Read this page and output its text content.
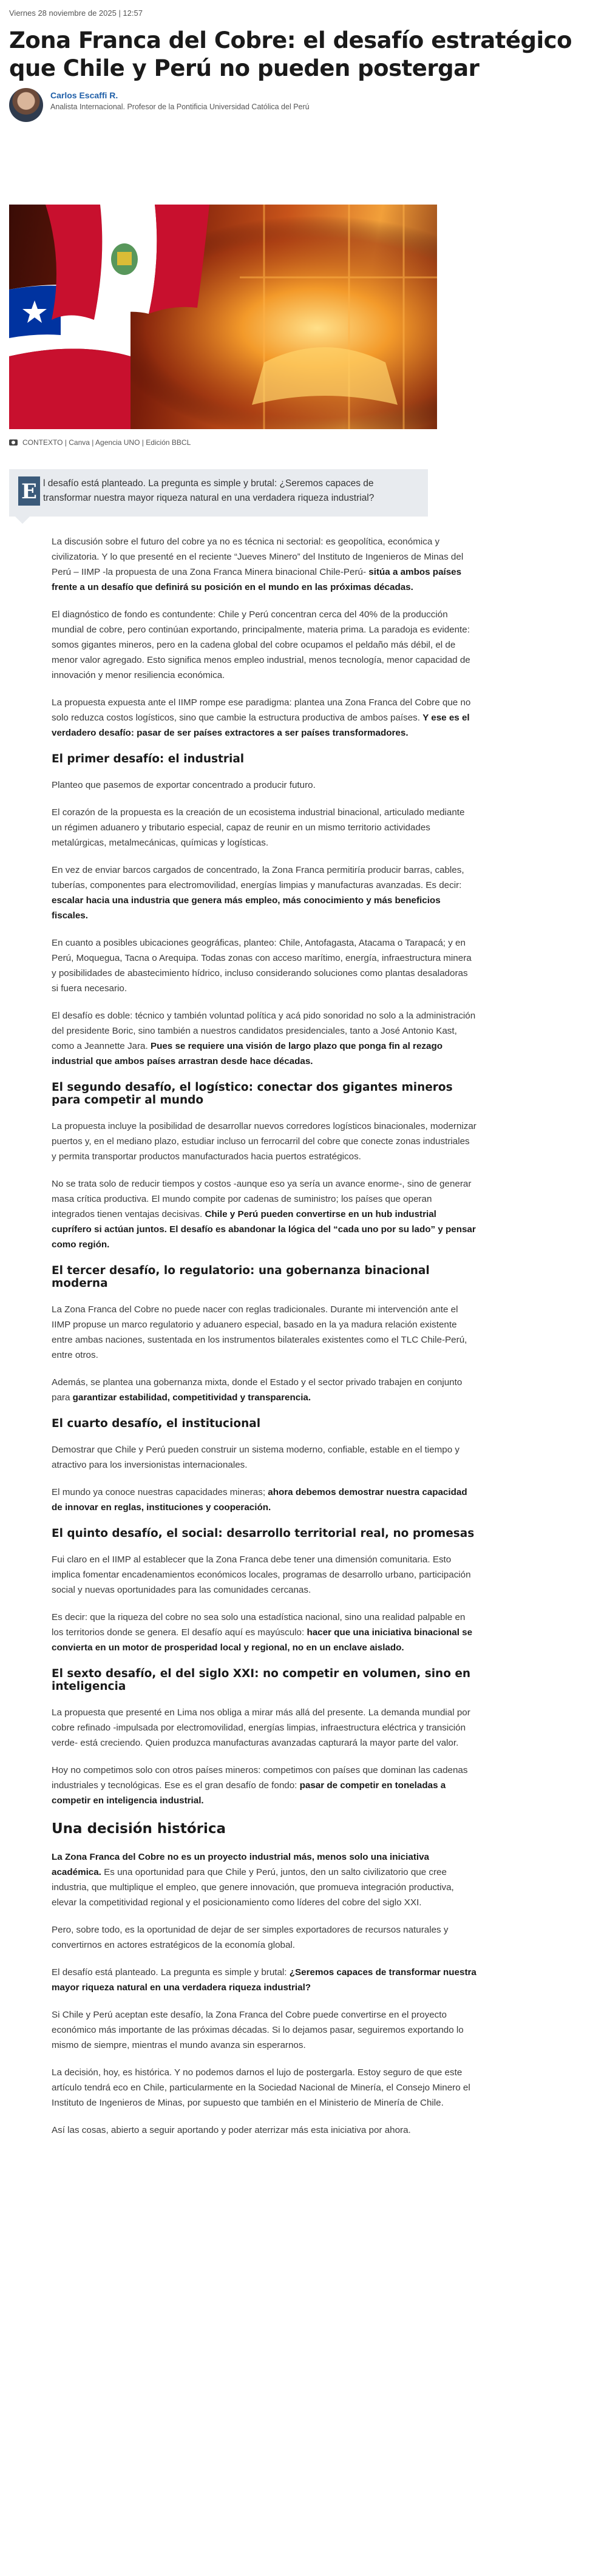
Viernes 28 noviembre de 2025 | 12:57
Zona Franca del Cobre: el desafío estratégico que Chile y Perú no pueden postergar
Carlos Escaffi R.
Analista Internacional. Profesor de la Pontificia Universidad Católica del Perú
CONTEXTO | Canva | Agencia UNO | Edición BBCL
E l desafío está planteado. La pregunta es simple y brutal: ¿Seremos capaces de transformar nuestra mayor riqueza natural en una verdadera riqueza industrial?

La discusión sobre el futuro del cobre ya no es técnica ni sectorial: es geopolítica, económica y civilizatoria. Y lo que presenté en el reciente “Jueves Minero” del Instituto de Ingenieros de Minas del Perú – IIMP -la propuesta de una Zona Franca Minera binacional Chile-Perú- sitúa a ambos países frente a un desafío que definirá su posición en el mundo en las próximas décadas.

El diagnóstico de fondo es contundente: Chile y Perú concentran cerca del 40% de la producción mundial de cobre, pero continúan exportando, principalmente, materia prima. La paradoja es evidente: somos gigantes mineros, pero en la cadena global del cobre ocupamos el peldaño más débil, el de menor valor agregado. Esto significa menos empleo industrial, menos tecnología, menor capacidad de innovación y menor resiliencia económica.

La propuesta expuesta ante el IIMP rompe ese paradigma: plantea una Zona Franca del Cobre que no solo reduzca costos logísticos, sino que cambie la estructura productiva de ambos países. Y ese es el verdadero desafío: pasar de ser países extractores a ser países transformadores.

El primer desafío: el industrial

Planteo que pasemos de exportar concentrado a producir futuro.

El corazón de la propuesta es la creación de un ecosistema industrial binacional, articulado mediante un régimen aduanero y tributario especial, capaz de reunir en un mismo territorio actividades metalúrgicas, metalmecánicas, químicas y logísticas.

En vez de enviar barcos cargados de concentrado, la Zona Franca permitiría producir barras, cables, tuberías, componentes para electromovilidad, energías limpias y manufacturas avanzadas. Es decir: escalar hacia una industria que genera más empleo, más conocimiento y más beneficios fiscales.

En cuanto a posibles ubicaciones geográficas, planteo: Chile, Antofagasta, Atacama o Tarapacá; y en Perú, Moquegua, Tacna o Arequipa. Todas zonas con acceso marítimo, energía, infraestructura minera y posibilidades de abastecimiento hídrico, incluso considerando soluciones como plantas desaladoras si fuera necesario.

El desafío es doble: técnico y también voluntad política y acá pido sonoridad no solo a la administración del presidente Boric, sino también a nuestros candidatos presidenciales, tanto a José Antonio Kast, como a Jeannette Jara. Pues se requiere una visión de largo plazo que ponga fin al rezago industrial que ambos países arrastran desde hace décadas.

El segundo desafío, el logístico: conectar dos gigantes mineros para competir al mundo

La propuesta incluye la posibilidad de desarrollar nuevos corredores logísticos binacionales, modernizar puertos y, en el mediano plazo, estudiar incluso un ferrocarril del cobre que conecte zonas industriales y permita transportar productos manufacturados hacia puertos estratégicos.

No se trata solo de reducir tiempos y costos -aunque eso ya sería un avance enorme-, sino de generar masa crítica productiva. El mundo compite por cadenas de suministro; los países que operan integrados tienen ventajas decisivas. Chile y Perú pueden convertirse en un hub industrial cuprífero si actúan juntos. El desafío es abandonar la lógica del “cada uno por su lado” y pensar como región.

El tercer desafío, lo regulatorio: una gobernanza binacional moderna

La Zona Franca del Cobre no puede nacer con reglas tradicionales. Durante mi intervención ante el IIMP propuse un marco regulatorio y aduanero especial, basado en la ya madura relación existente entre ambas naciones, sustentada en los instrumentos bilaterales existentes como el TLC Chile-Perú, entre otros.

Además, se plantea una gobernanza mixta, donde el Estado y el sector privado trabajen en conjunto para garantizar estabilidad, competitividad y transparencia.

El cuarto desafío, el institucional

Demostrar que Chile y Perú pueden construir un sistema moderno, confiable, estable en el tiempo y atractivo para los inversionistas internacionales.

El mundo ya conoce nuestras capacidades mineras; ahora debemos demostrar nuestra capacidad de innovar en reglas, instituciones y cooperación.

El quinto desafío, el social: desarrollo territorial real, no promesas

Fui claro en el IIMP al establecer que la Zona Franca debe tener una dimensión comunitaria. Esto implica fomentar encadenamientos económicos locales, programas de desarrollo urbano, participación social y nuevas oportunidades para las comunidades cercanas.

Es decir: que la riqueza del cobre no sea solo una estadística nacional, sino una realidad palpable en los territorios donde se genera. El desafío aquí es mayúsculo: hacer que una iniciativa binacional se convierta en un motor de prosperidad local y regional, no en un enclave aislado.

El sexto desafío, el del siglo XXI: no competir en volumen, sino en inteligencia

La propuesta que presenté en Lima nos obliga a mirar más allá del presente. La demanda mundial por cobre refinado -impulsada por electromovilidad, energías limpias, infraestructura eléctrica y transición verde- está creciendo. Quien produzca manufacturas avanzadas capturará la mayor parte del valor.

Hoy no competimos solo con otros países mineros: competimos con países que dominan las cadenas industriales y tecnológicas. Ese es el gran desafío de fondo: pasar de competir en toneladas a competir en inteligencia industrial.

Una decisión histórica

La Zona Franca del Cobre no es un proyecto industrial más, menos solo una iniciativa académica. Es una oportunidad para que Chile y Perú, juntos, den un salto civilizatorio que cree industria, que multiplique el empleo, que genere innovación, que promueva integración productiva, elevar la competitividad regional y el posicionamiento como líderes del cobre del siglo XXI.

Pero, sobre todo, es la oportunidad de dejar de ser simples exportadores de recursos naturales y convertirnos en actores estratégicos de la economía global.

El desafío está planteado. La pregunta es simple y brutal: ¿Seremos capaces de transformar nuestra mayor riqueza natural en una verdadera riqueza industrial?

Si Chile y Perú aceptan este desafío, la Zona Franca del Cobre puede convertirse en el proyecto económico más importante de las próximas décadas. Si lo dejamos pasar, seguiremos exportando lo mismo de siempre, mientras el mundo avanza sin esperarnos.

La decisión, hoy, es histórica. Y no podemos darnos el lujo de postergarla. Estoy seguro de que este artículo tendrá eco en Chile, particularmente en la Sociedad Nacional de Minería, el Consejo Minero el Instituto de Ingenieros de Minas, por supuesto que también en el Ministerio de Minería de Chile.

Así las cosas, abierto a seguir aportando y poder aterrizar más esta iniciativa por ahora.
